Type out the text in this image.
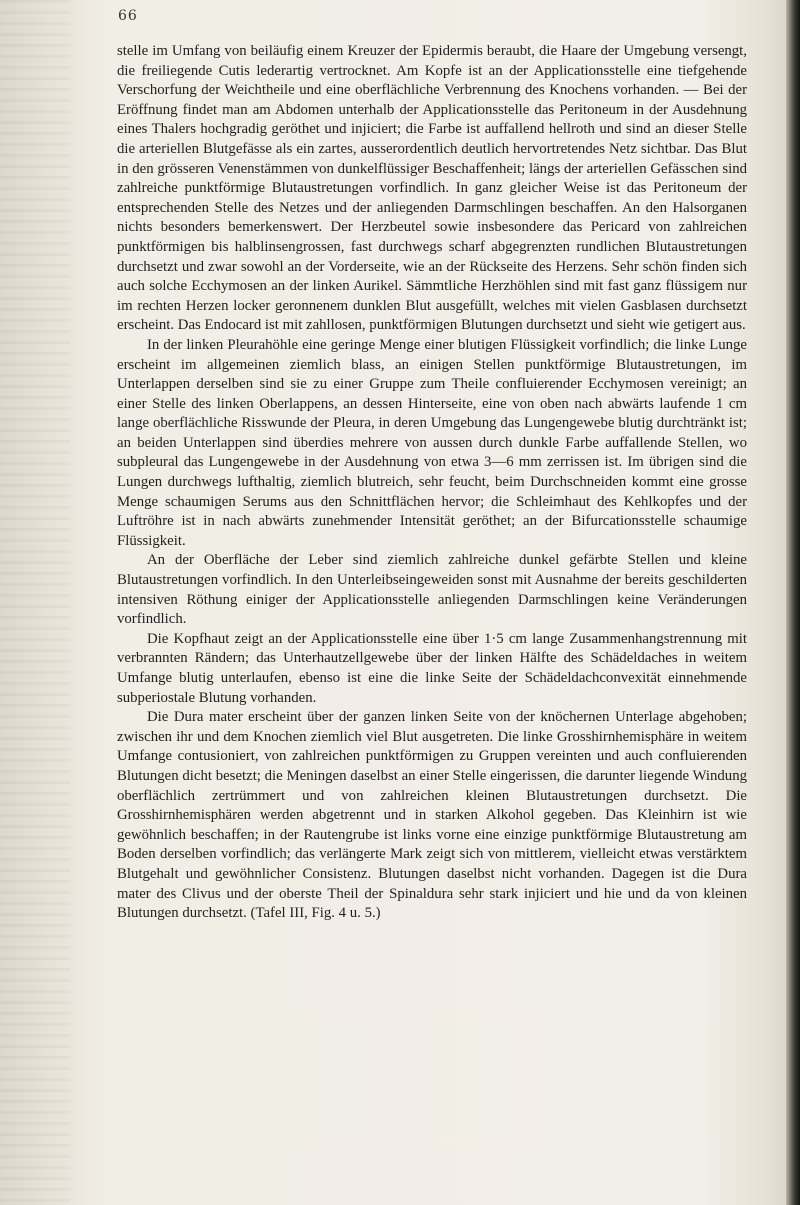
66

stelle im Umfang von beiläufig einem Kreuzer der Epidermis beraubt, die Haare der Umgebung versengt, die freiliegende Cutis lederartig vertrocknet. Am Kopfe ist an der Applicationsstelle eine tiefgehende Verschorfung der Weichtheile und eine oberflächliche Verbrennung des Knochens vorhanden. — Bei der Eröffnung findet man am Abdomen unterhalb der Applicationsstelle das Peritoneum in der Ausdehnung eines Thalers hochgradig geröthet und injiciert; die Farbe ist auffallend hellroth und sind an dieser Stelle die arteriellen Blutgefässe als ein zartes, ausserordentlich deutlich hervortretendes Netz sichtbar. Das Blut in den grösseren Venenstämmen von dunkelflüssiger Beschaffenheit; längs der arteriellen Gefässchen sind zahlreiche punktförmige Blutaustretungen vorfindlich. In ganz gleicher Weise ist das Peritoneum der entsprechenden Stelle des Netzes und der anliegenden Darmschlingen beschaffen. An den Halsorganen nichts besonders bemerkenswert. Der Herzbeutel sowie insbesondere das Pericard von zahlreichen punktförmigen bis halblinsengrossen, fast durchwegs scharf abgegrenzten rundlichen Blutaustretungen durchsetzt und zwar sowohl an der Vorderseite, wie an der Rückseite des Herzens. Sehr schön finden sich auch solche Ecchymosen an der linken Aurikel. Sämmtliche Herzhöhlen sind mit fast ganz flüssigem nur im rechten Herzen locker geronnenem dunklen Blut ausgefüllt, welches mit vielen Gasblasen durchsetzt erscheint. Das Endocard ist mit zahllosen, punktförmigen Blutungen durchsetzt und sieht wie getigert aus.

In der linken Pleurahöhle eine geringe Menge einer blutigen Flüssigkeit vorfindlich; die linke Lunge erscheint im allgemeinen ziemlich blass, an einigen Stellen punktförmige Blutaustretungen, im Unterlappen derselben sind sie zu einer Gruppe zum Theile confluierender Ecchymosen vereinigt; an einer Stelle des linken Oberlappens, an dessen Hinterseite, eine von oben nach abwärts laufende 1 cm lange oberflächliche Risswunde der Pleura, in deren Umgebung das Lungengewebe blutig durchtränkt ist; an beiden Unterlappen sind überdies mehrere von aussen durch dunkle Farbe auffallende Stellen, wo subpleural das Lungengewebe in der Ausdehnung von etwa 3—6 mm zerrissen ist. Im übrigen sind die Lungen durchwegs lufthaltig, ziemlich blutreich, sehr feucht, beim Durchschneiden kommt eine grosse Menge schaumigen Serums aus den Schnittflächen hervor; die Schleimhaut des Kehlkopfes und der Luftröhre ist in nach abwärts zunehmender Intensität geröthet; an der Bifurcationsstelle schaumige Flüssigkeit.

An der Oberfläche der Leber sind ziemlich zahlreiche dunkel gefärbte Stellen und kleine Blutaustretungen vorfindlich. In den Unterleibseingeweiden sonst mit Ausnahme der bereits geschilderten intensiven Röthung einiger der Applicationsstelle anliegenden Darmschlingen keine Veränderungen vorfindlich.

Die Kopfhaut zeigt an der Applicationsstelle eine über 1·5 cm lange Zusammenhangstrennung mit verbrannten Rändern; das Unterhautzellgewebe über der linken Hälfte des Schädeldaches in weitem Umfange blutig unterlaufen, ebenso ist eine die linke Seite der Schädeldachconvexität einnehmende subperiostale Blutung vorhanden.

Die Dura mater erscheint über der ganzen linken Seite von der knöchernen Unterlage abgehoben; zwischen ihr und dem Knochen ziemlich viel Blut ausgetreten. Die linke Grosshirnhemisphäre in weitem Umfange contusioniert, von zahlreichen punktförmigen zu Gruppen vereinten und auch confluierenden Blutungen dicht besetzt; die Meningen daselbst an einer Stelle eingerissen, die darunter liegende Windung oberflächlich zertrümmert und von zahlreichen kleinen Blutaustretungen durchsetzt. Die Grosshirnhemisphären werden abgetrennt und in starken Alkohol gegeben. Das Kleinhirn ist wie gewöhnlich beschaffen; in der Rautengrube ist links vorne eine einzige punktförmige Blutaustretung am Boden derselben vorfindlich; das verlängerte Mark zeigt sich von mittlerem, vielleicht etwas verstärktem Blutgehalt und gewöhnlicher Consistenz. Blutungen daselbst nicht vorhanden. Dagegen ist die Dura mater des Clivus und der oberste Theil der Spinaldura sehr stark injiciert und hie und da von kleinen Blutungen durchsetzt. (Tafel III, Fig. 4 u. 5.)
